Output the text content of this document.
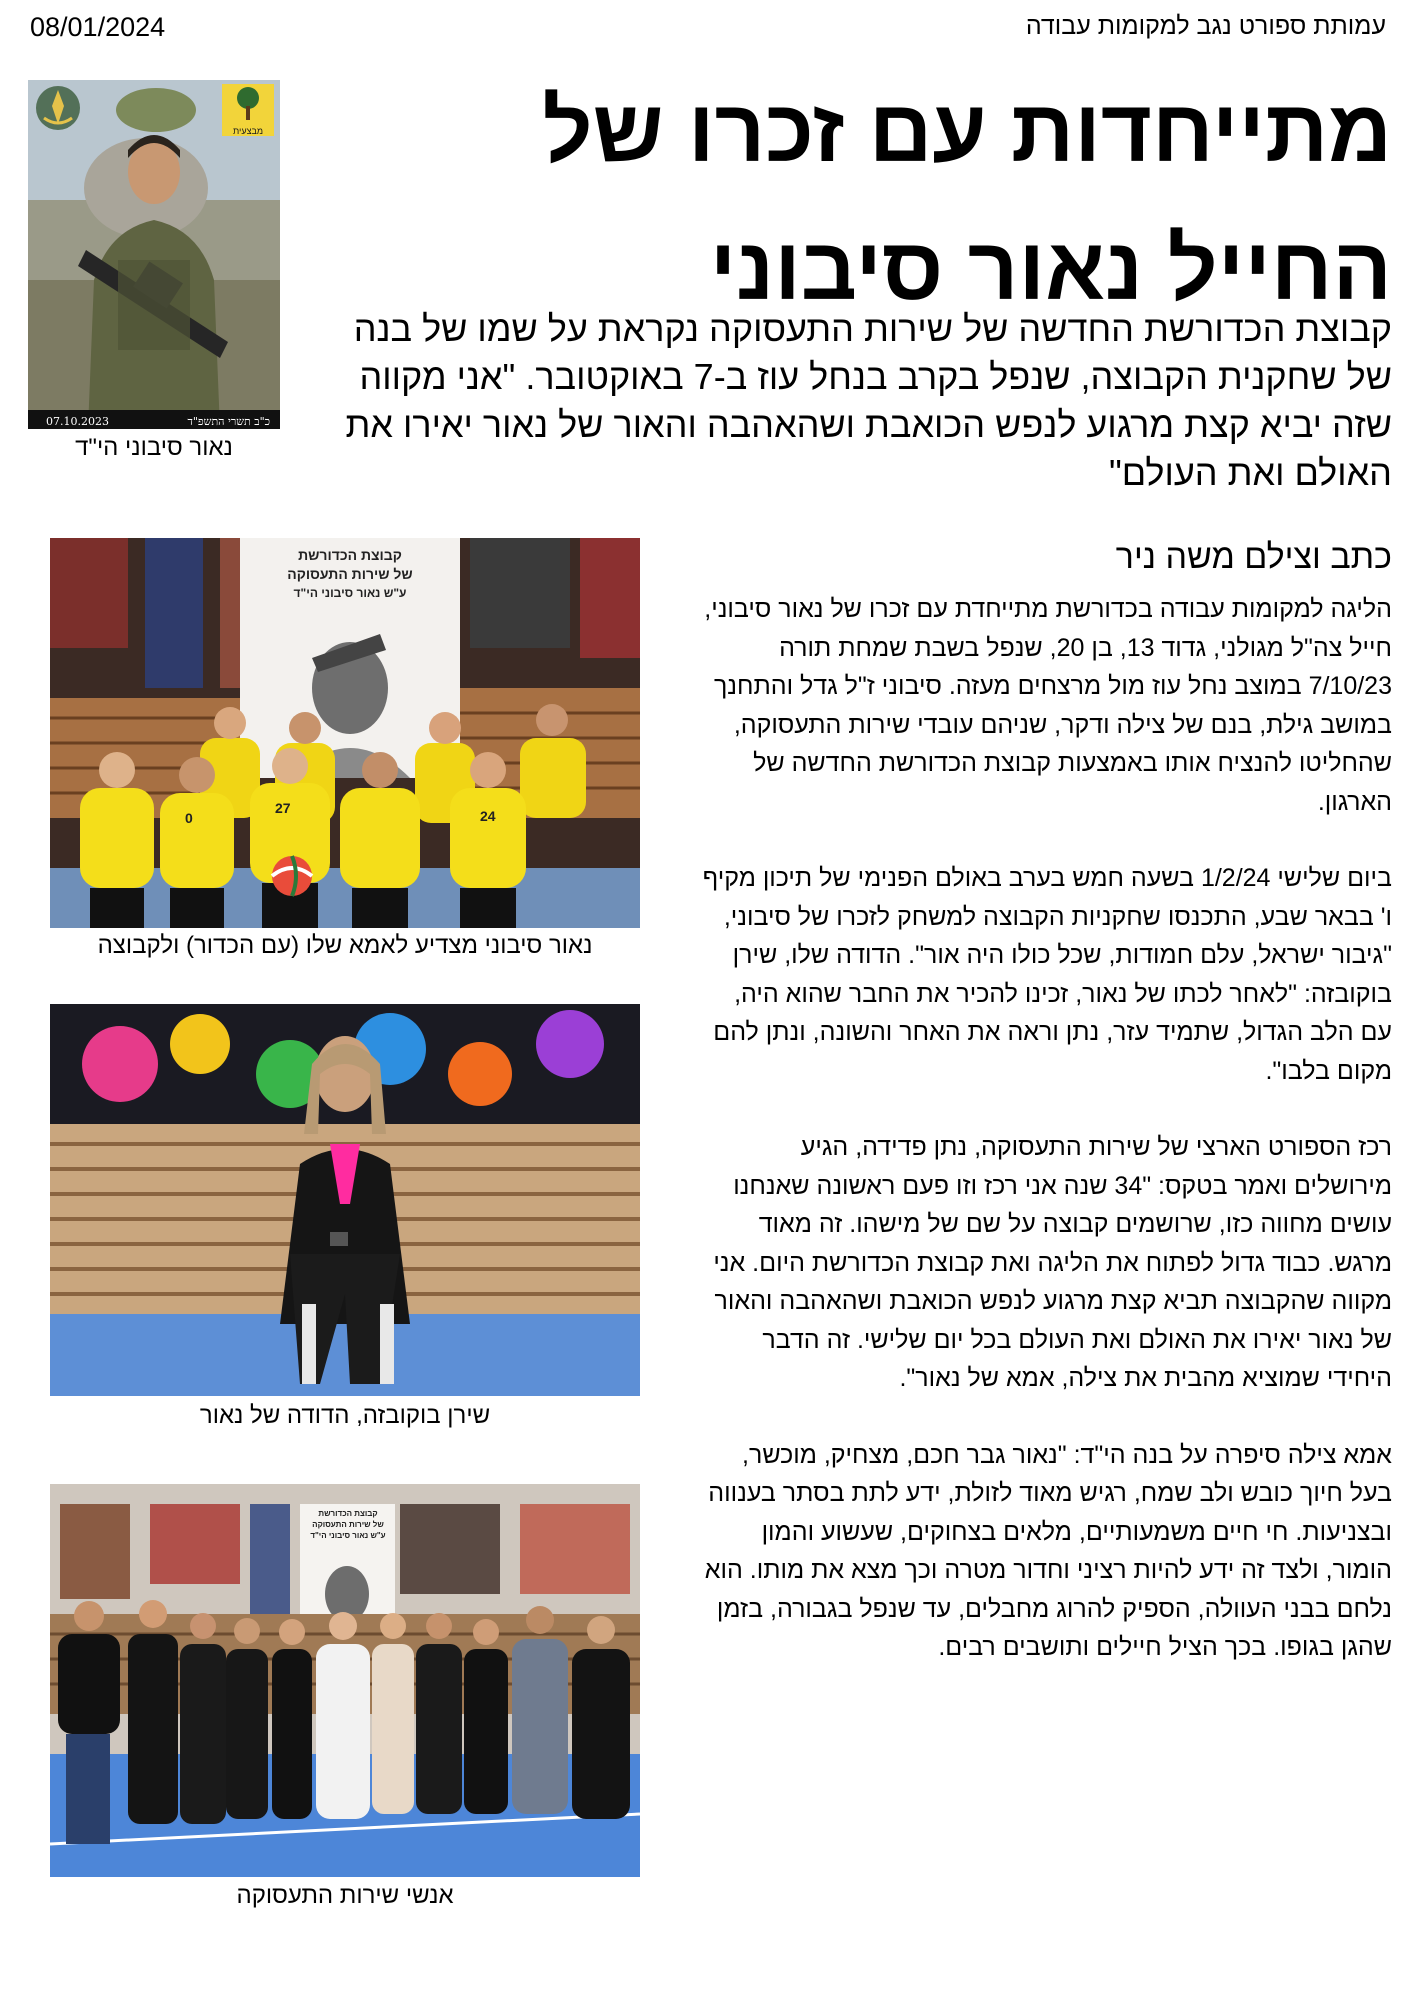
08/01/2024	עמותת ספורט נגב למקומות עבודה
מתייחדות עם זכרו של החייל נאור סיבוני

קבוצת הכדורשת החדשה של שירות התעסוקה נקראת על שמו של בנה של שחקנית הקבוצה, שנפל בקרב בנחל עוז ב-7 באוקטובר. "אני מקווה שזה יביא קצת מרגוע לנפש הכואבת ושהאהבה והאור של נאור יאירו את האולם ואת העולם"

מבצעית
07.10.2023	כ"ב תשרי התשפ"ד
נאור סיבוני הי"ד
קבוצת הכדורשת
של שירות התעסוקה
ע"ש נאור סיבוני הי"ד
27
0	24
נאור סיבוני מצדיע לאמא שלו (עם הכדור) ולקבוצה
שירן בוקובזה, הדודה של נאור
קבוצת הכדורשת
של שירות התעסוקה
ע"ש נאור סיבוני הי"ד
אנשי שירות התעסוקה
כתב וצילם משה ניר

הליגה למקומות עבודה בכדורשת מתייחדת עם זכרו של נאור סיבוני, חייל צה"ל מגולני, גדוד 13, בן 20, שנפל בשבת שמחת תורה 7/10/23 במוצב נחל עוז מול מרצחים מעזה. סיבוני ז"ל גדל והתחנך במושב גילת, בנם של צילה ודקר, שניהם עובדי שירות התעסוקה, שהחליטו להנציח אותו באמצעות קבוצת הכדורשת החדשה של הארגון.

ביום שלישי 1/2/24 בשעה חמש בערב באולם הפנימי של תיכון מקיף ו' בבאר שבע, התכנסו שחקניות הקבוצה למשחק לזכרו של סיבוני, "גיבור ישראל, עלם חמודות, שכל כולו היה אור". הדודה שלו, שירן בוקובזה: "לאחר לכתו של נאור, זכינו להכיר את החבר שהוא היה, עם הלב הגדול, שתמיד עזר, נתן וראה את האחר והשונה, ונתן להם מקום בלבו".

רכז הספורט הארצי של שירות התעסוקה, נתן פדידה, הגיע מירושלים ואמר בטקס: "34 שנה אני רכז וזו פעם ראשונה שאנחנו עושים מחווה כזו, שרושמים קבוצה על שם של מישהו. זה מאוד מרגש. כבוד גדול לפתוח את הליגה ואת קבוצת הכדורשת היום. אני מקווה שהקבוצה תביא קצת מרגוע לנפש הכואבת ושהאהבה והאור של נאור יאירו את האולם ואת העולם בכל יום שלישי. זה הדבר היחידי שמוציא מהבית את צילה, אמא של נאור".

אמא צילה סיפרה על בנה הי"ד: "נאור גבר חכם, מצחיק, מוכשר, בעל חיוך כובש ולב שמח, רגיש מאוד לזולת, ידע לתת בסתר בענווה ובצניעות. חי חיים משמעותיים, מלאים בצחוקים, שעשוע והמון הומור, ולצד זה ידע להיות רציני וחדור מטרה וכך מצא את מותו. הוא נלחם בבני העוולה, הספיק להרוג מחבלים, עד שנפל בגבורה, בזמן שהגן בגופו. בכך הציל חיילים ותושבים רבים.
